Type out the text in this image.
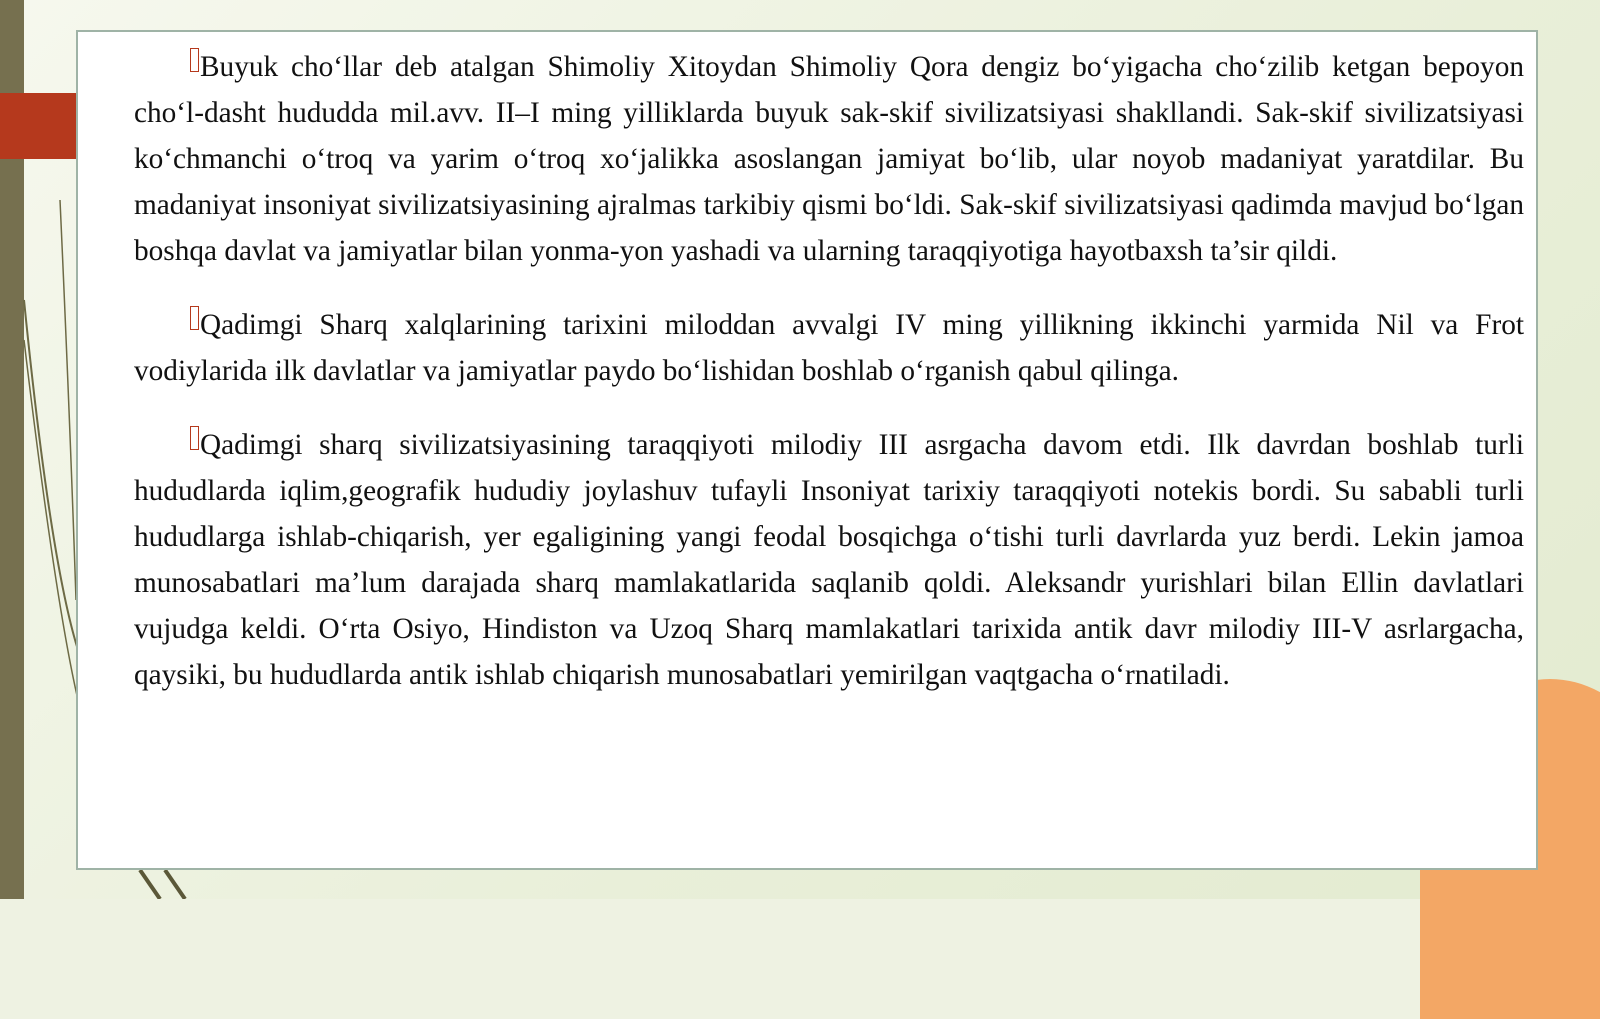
Buyuk cho‘llar deb atalgan Shimoliy Xitoydan Shimoliy Qora dengiz bo‘yigacha cho‘zilib ketgan bepoyon cho‘l-dasht hududda mil.avv. II–I ming yilliklarda buyuk sak-skif sivilizatsiyasi shakllandi. Sak-skif sivilizatsiyasi ko‘chmanchi o‘troq va yarim o‘troq xo‘jalikka asoslangan jamiyat bo‘lib, ular noyob madaniyat yaratdilar. Bu madaniyat insoniyat sivilizatsiyasining ajralmas tarkibiy qismi bo‘ldi. Sak-skif sivilizatsiyasi qadimda mavjud bo‘lgan boshqa davlat va jamiyatlar bilan yonma-yon yashadi va ularning taraqqiyotiga hayotbaxsh ta’sir qildi.

Qadimgi Sharq xalqlarining tarixini miloddan avvalgi IV ming yillikning ikkinchi yarmida Nil va Frot vodiylarida ilk davlatlar va jamiyatlar paydo bo‘lishidan boshlab o‘rganish qabul qilinga.

Qadimgi sharq sivilizatsiyasining taraqqiyoti milodiy III asrgacha davom etdi. Ilk davrdan boshlab turli hududlarda iqlim,geografik hududiy joylashuv tufayli Insoniyat tarixiy taraqqiyoti notekis bordi. Su sababli turli hududlarga ishlab-chiqarish, yer egaligining yangi feodal bosqichga o‘tishi turli davrlarda yuz berdi. Lekin jamoa munosabatlari ma’lum darajada sharq mamlakatlarida saqlanib qoldi. Aleksandr yurishlari bilan Ellin davlatlari vujudga keldi. O‘rta Osiyo, Hindiston va Uzoq Sharq mamlakatlari tarixida antik davr milodiy III-V asrlargacha, qaysiki, bu hududlarda antik ishlab chiqarish munosabatlari yemirilgan vaqtgacha o‘rnatiladi.
